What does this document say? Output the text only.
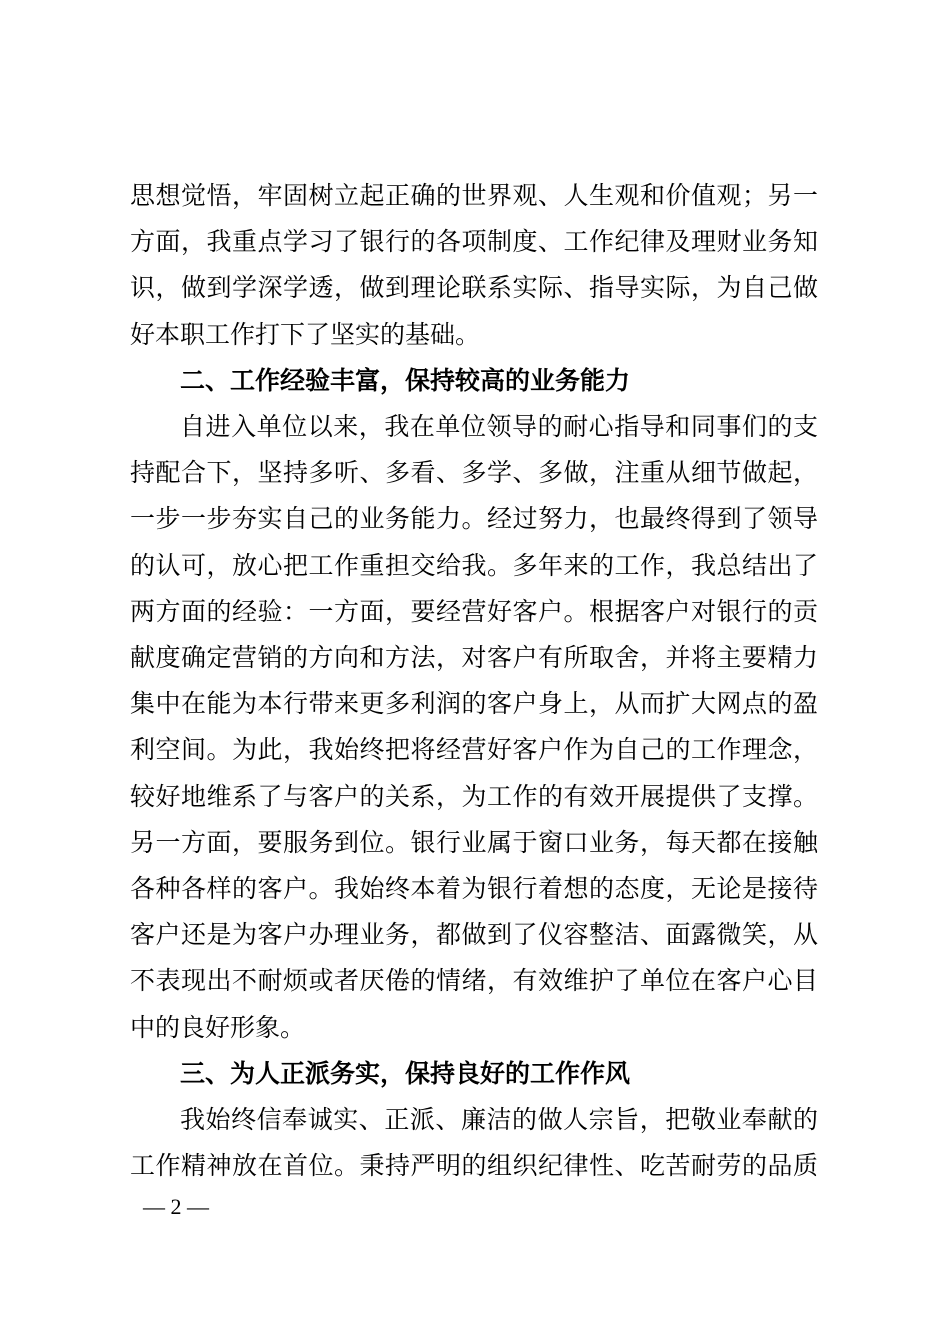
思想觉悟，牢固树立起正确的世界观、人生观和价值观；另一
方面，我重点学习了银行的各项制度、工作纪律及理财业务知
识，做到学深学透，做到理论联系实际、指导实际，为自己做
好本职工作打下了坚实的基础。
二、工作经验丰富，保持较高的业务能力
自进入单位以来，我在单位领导的耐心指导和同事们的支
持配合下，坚持多听、多看、多学、多做，注重从细节做起，
一步一步夯实自己的业务能力。经过努力，也最终得到了领导
的认可，放心把工作重担交给我。多年来的工作，我总结出了
两方面的经验：一方面，要经营好客户。根据客户对银行的贡
献度确定营销的方向和方法，对客户有所取舍，并将主要精力
集中在能为本行带来更多利润的客户身上，从而扩大网点的盈
利空间。为此，我始终把将经营好客户作为自己的工作理念，
较好地维系了与客户的关系，为工作的有效开展提供了支撑。
另一方面，要服务到位。银行业属于窗口业务，每天都在接触
各种各样的客户。我始终本着为银行着想的态度，无论是接待
客户还是为客户办理业务，都做到了仪容整洁、面露微笑，从
不表现出不耐烦或者厌倦的情绪，有效维护了单位在客户心目
中的良好形象。
三、为人正派务实，保持良好的工作作风
我始终信奉诚实、正派、廉洁的做人宗旨，把敬业奉献的
工作精神放在首位。秉持严明的组织纪律性、吃苦耐劳的品质
— 2 —
